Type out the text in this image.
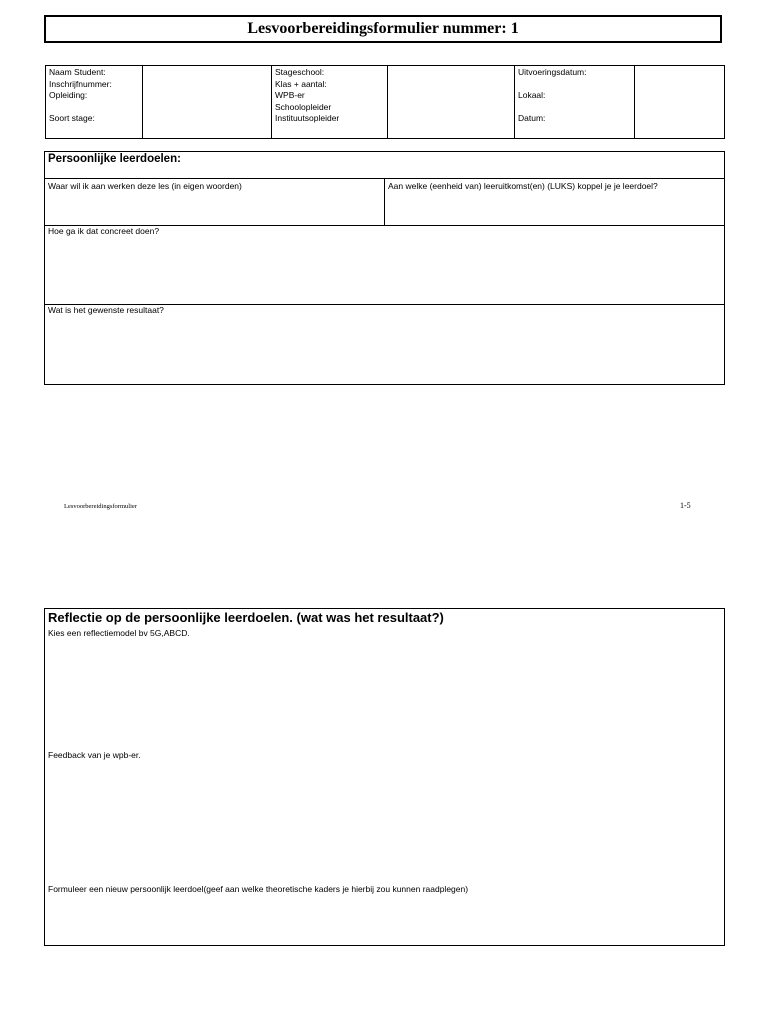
Lesvoorbereidingsformulier nummer: 1
Naam Student:
Inschrijfnummer:
Opleiding:
Soort stage:

Stageschool:
Klas + aantal:
WPB-er
Schoolopleider
Instituutsopleider

Uitvoeringsdatum:
Lokaal:
Datum:

Persoonlijke leerdoelen:
Waar wil ik aan werken deze les (in eigen woorden)	Aan welke (eenheid van) leeruitkomst(en) (LUKS) koppel je je leerdoel?
Hoe ga ik dat concreet doen?
Wat is het gewenste resultaat?
Lesvoorbereidingsformulier	1-5
Reflectie op de persoonlijke leerdoelen. (wat was het resultaat?)
Kies een reflectiemodel bv 5G,ABCD.
Feedback van je wpb-er.
Formuleer een nieuw persoonlijk leerdoel(geef aan welke theoretische kaders je hierbij zou kunnen raadplegen)
